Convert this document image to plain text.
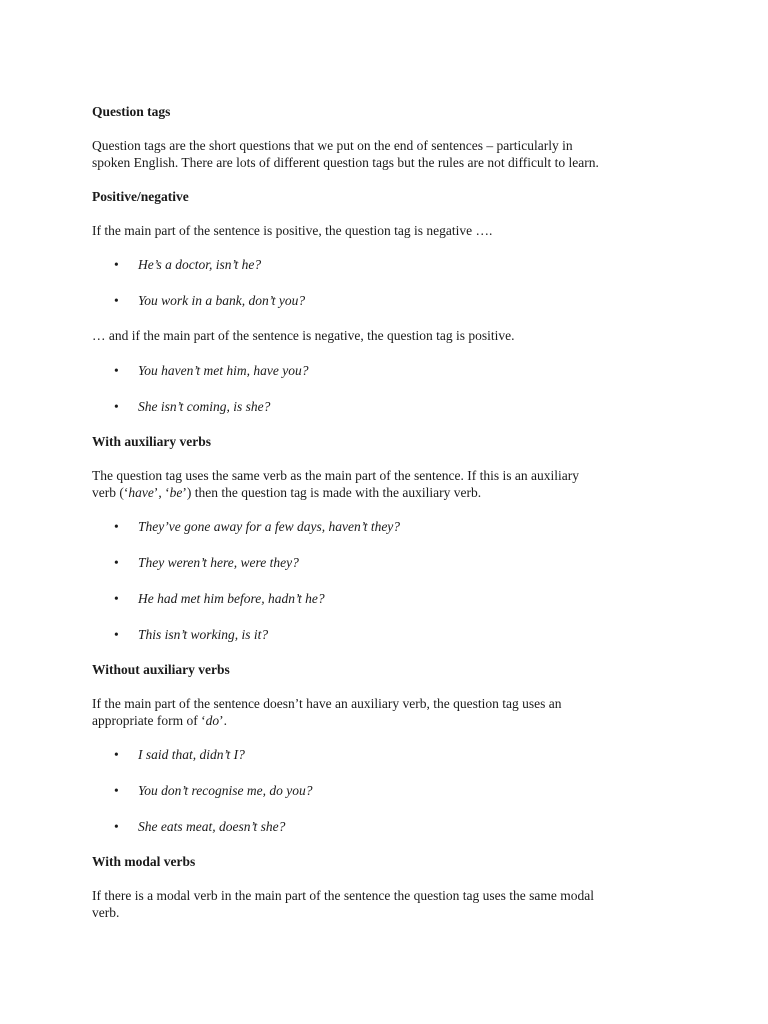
Question tags

Question tags are the short questions that we put on the end of sentences – particularly in

spoken English. There are lots of different question tags but the rules are not difficult to learn.

Positive/negative

If the main part of the sentence is positive, the question tag is negative ….

• He’s a doctor, isn’t he?
• You work in a bank, don’t you?

… and if the main part of the sentence is negative, the question tag is positive.

• You haven’t met him, have you?
• She isn’t coming, is she?

With auxiliary verbs

The question tag uses the same verb as the main part of the sentence. If this is an auxiliary

verb (‘have’, ‘be’) then the question tag is made with the auxiliary verb.

• They’ve gone away for a few days, haven’t they?
• They weren’t here, were they?
• He had met him before, hadn’t he?
• This isn’t working, is it?

Without auxiliary verbs

If the main part of the sentence doesn’t have an auxiliary verb, the question tag uses an

appropriate form of ‘do’.

• I said that, didn’t I?
• You don’t recognise me, do you?
• She eats meat, doesn’t she?

With modal verbs

If there is a modal verb in the main part of the sentence the question tag uses the same modal

verb.
